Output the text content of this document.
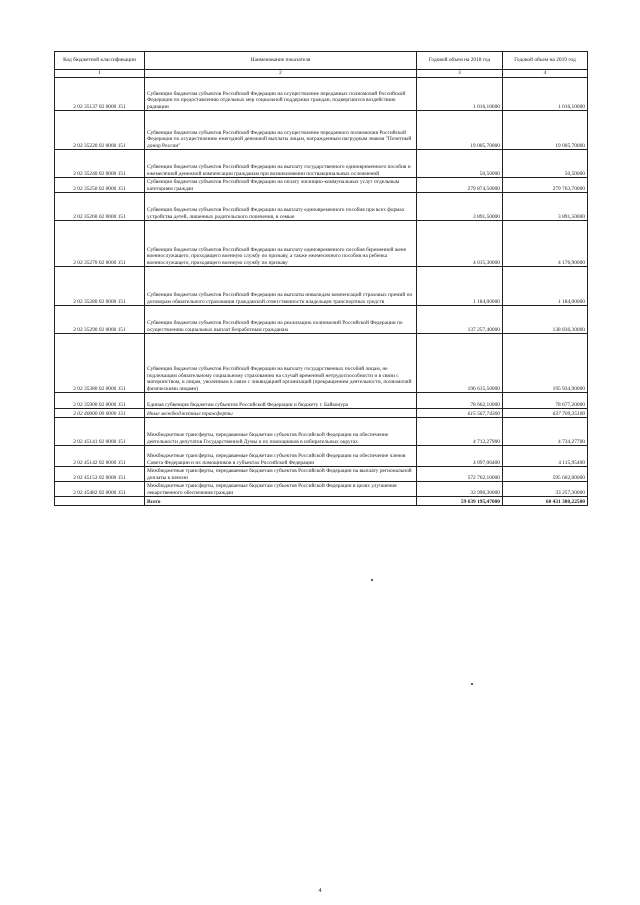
Код бюджетной классификации	Наименование показателя	Годовой объем на 2018 год	Годовой объем на 2019 год
1	2	3	4
2 02 35137 02 0000 151	Субвенции бюджетам субъектов Российской Федерации на осуществление переданных полномочий Российской Федерации по предоставлению отдельных мер социальной поддержки граждан, подвергшихся воздействию радиации	1 016,10600	1 016,10000
2 02 35220 02 0000 151	Субвенции бюджетам субъектов Российской Федерации на осуществление переданного полномочия Российской Федерации по осуществлению ежегодной денежной выплаты лицам, награжденным нагрудным знаком "Почетный донор России"	19 005,70000	19 005,70000
2 02 35240 02 0000 151	Субвенции бюджетам субъектов Российской Федерации на выплату государственного единовременного пособия и ежемесячной денежной компенсации гражданам при возникновении поствакцинальных осложнений	50,50000	50,50000
2 02 35250 02 0000 151	Субвенции бюджетам субъектов Российской Федерации на оплату жилищно-коммунальных услуг отдельным категориям граждан	279 874,50000	279 763,70000
2 02 35260 02 0000 151	Субвенции бюджетам субъектов Российской Федерации на выплату единовременного пособия при всех формах устройства детей, лишенных родительского попечения, в семью	3 891,50000	3 891,50000
2 02 35270 02 0000 151	Субвенции бюджетам субъектов Российской Федерации на выплату единовременного пособия беременной жене военнослужащего, проходящего военную службу по призыву, а также ежемесячного пособия на ребенка военнослужащего, проходящего военную службу по призыву	4 015,30000	4 176,90000
2 02 35280 02 0000 151	Субвенции бюджетам субъектов Российской Федерации на выплаты инвалидам компенсаций страховых премий по договорам обязательного страхования гражданской ответственности владельцев транспортных средств	1 184,00000	1 184,00000
2 02 35290 02 0000 151	Субвенции бюджетам субъектов Российской Федерации на реализацию полномочий Российской Федерации по осуществлению социальных выплат безработным гражданам	137 257,40000	138 836,30000
2 02 35380 02 0000 151	Субвенции бюджетам субъектов Российской Федерации на выплату государственных пособий лицам, не подлежащим обязательному социальному страхованию на случай временной нетрудоспособности и в связи с материнством, и лицам, уволенным в связи с ликвидацией организаций (прекращением деятельности, полномочий физическими лицами)	196 615,50000	195 934,90000
2 02 35900 02 0000 151	Единая субвенция бюджетам субъектов Российской Федерации и бюджету г. Байконура	78 662,10000	78 677,20000
2 02 40000 00 0000 151	Иные межбюджетные трансферты	615 567,74300	637 709,35100
2 02 45141 02 0000 151	Межбюджетные трансферты, передаваемые бюджетам субъектов Российской Федерации на обеспечение деятельности депутатов Государственной Думы и их помощников в избирательных округах	4 712,27900	4 734,27700
2 02 45142 02 0000 151	Межбюджетные трансферты, передаваемые бюджетам субъектов Российской Федерации на обеспечение членов Совета Федерации и их помощников в субъектах Российской Федерации	4 097,06400	4 115,95400
2 02 45153 02 0000 151	Межбюджетные трансферты, передаваемые бюджетам субъектов Российской Федерации на выплату региональной доплаты к пенсии	572 762,10000	595 602,00000
2 02 45482 02 0000 151	Межбюджетные трансферты, передаваемые бюджетам субъектов Российской Федерации в целях улучшения лекарственного обеспечения граждан	33 996,30000	33 257,30000
	Всего	59 639 195,47000	60 431 380,22500
4
